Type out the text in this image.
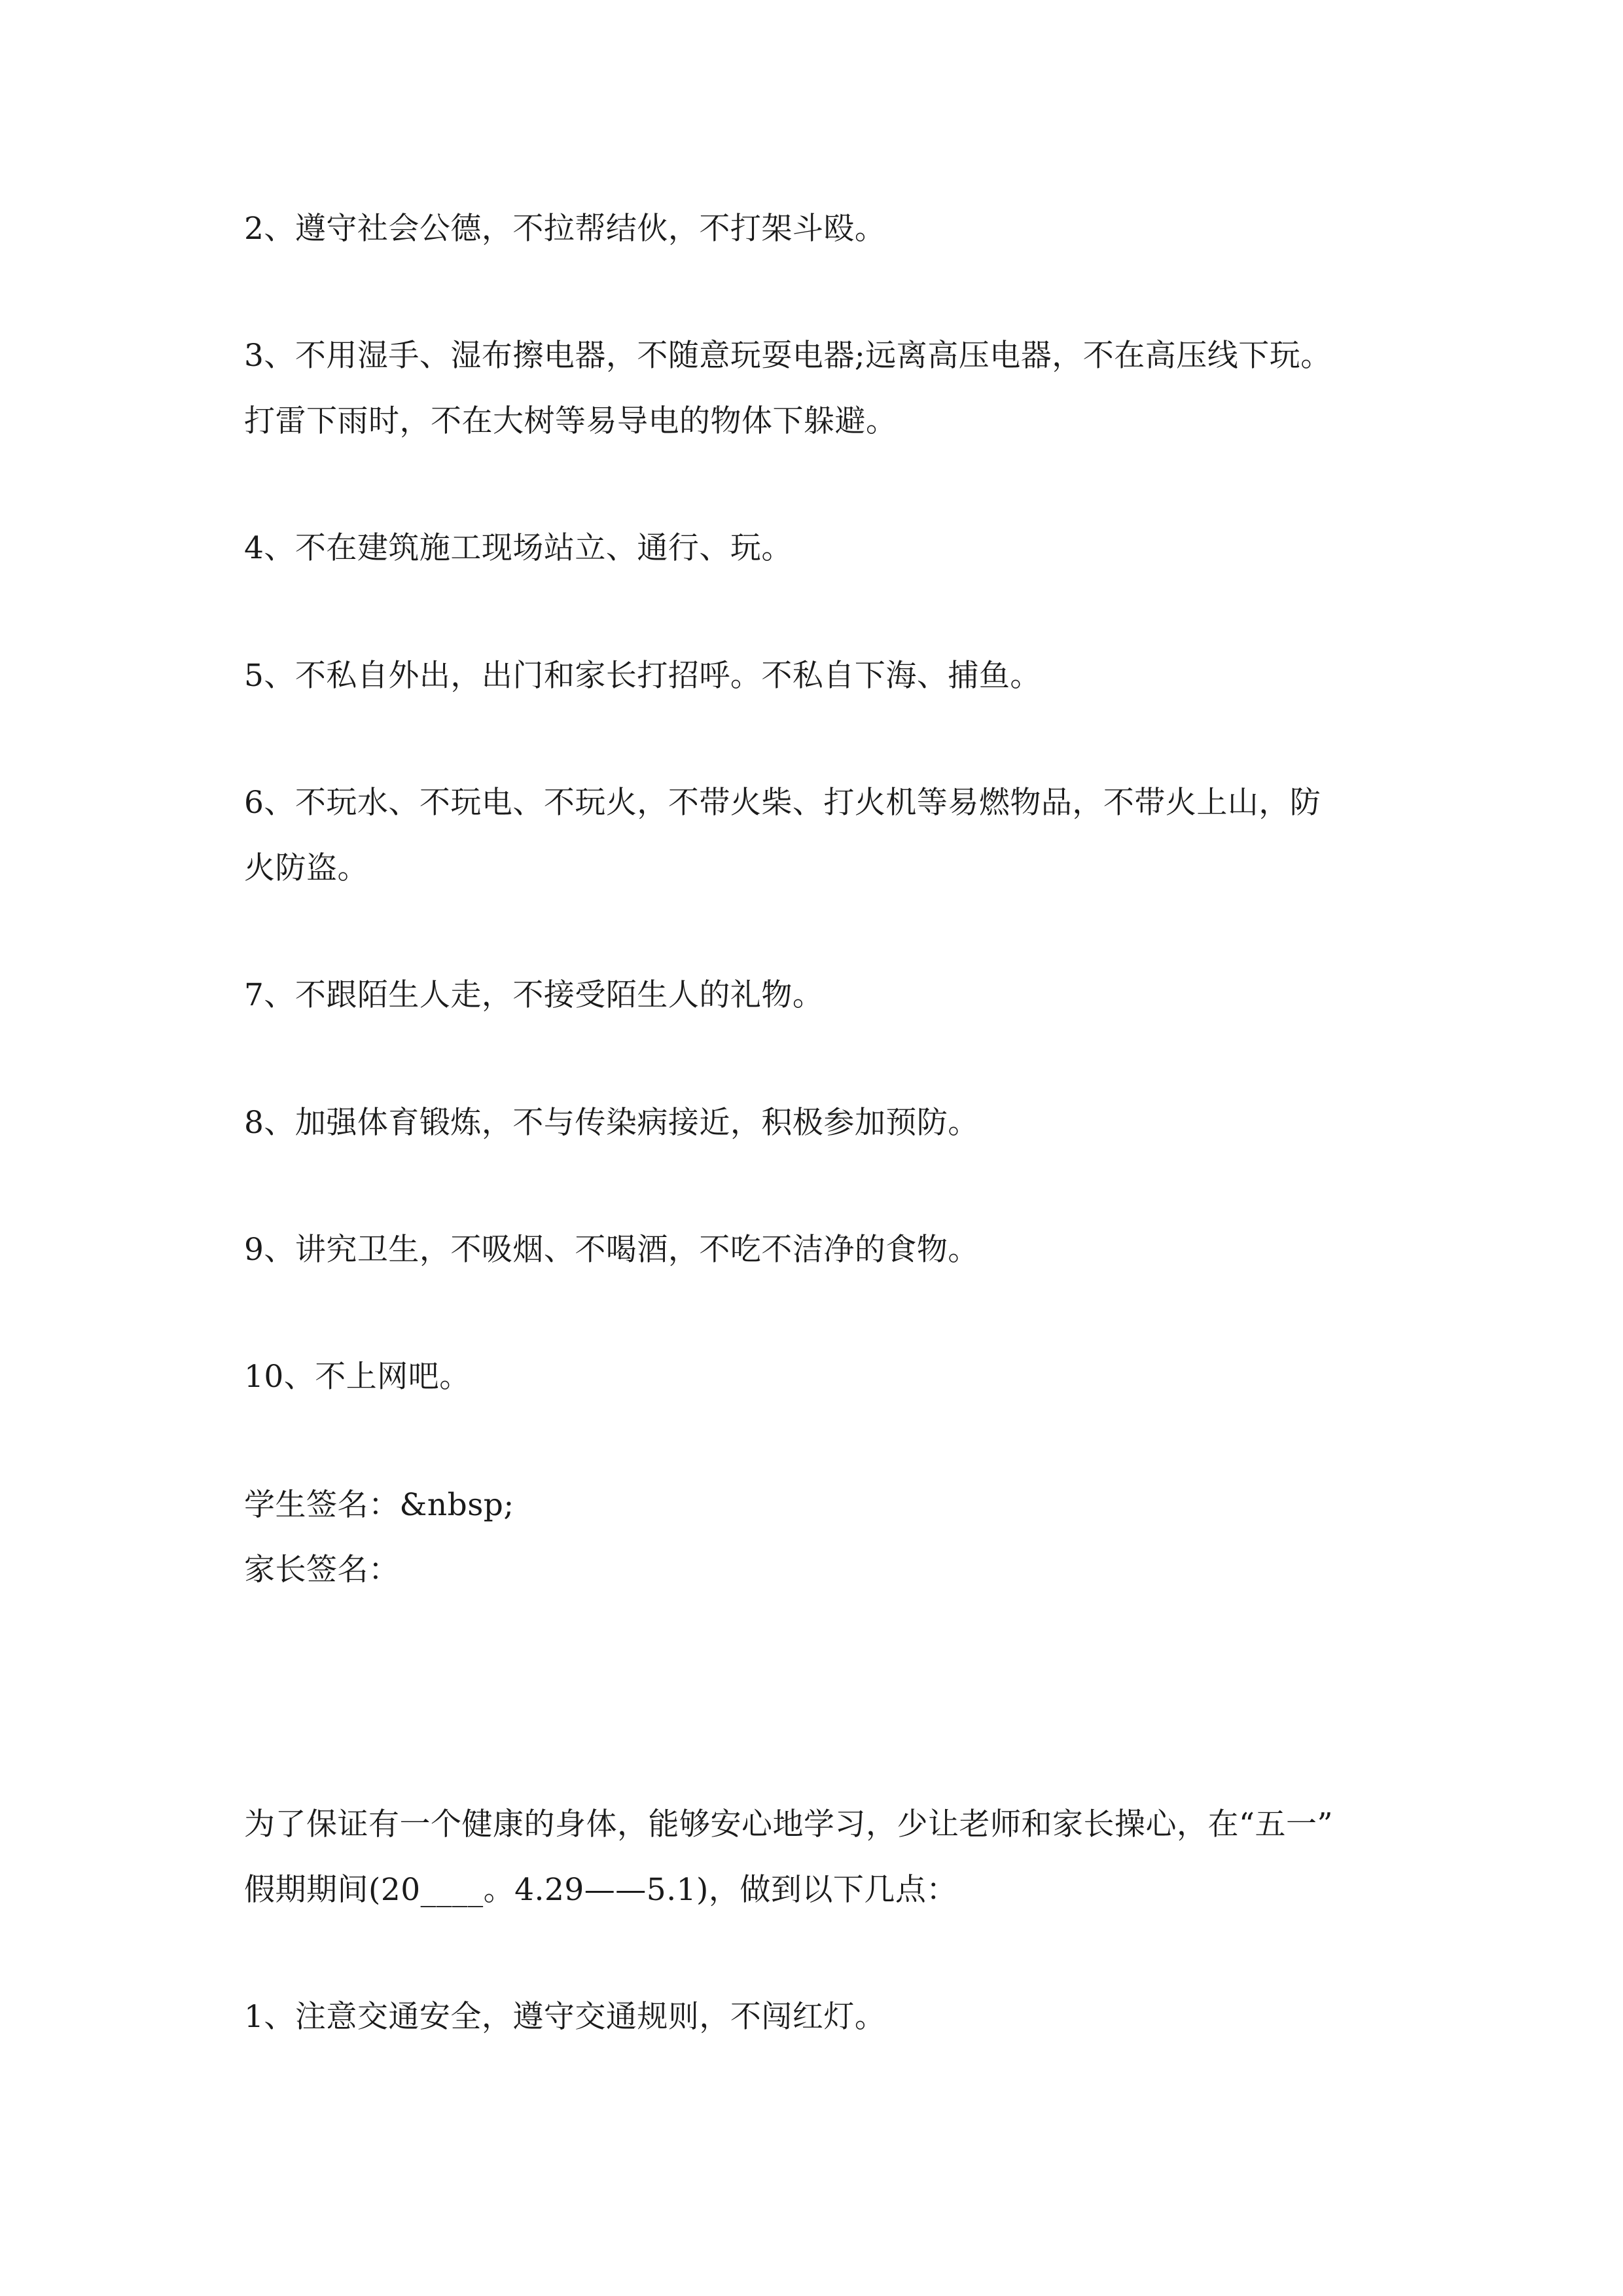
2、遵守社会公德，不拉帮结伙，不打架斗殴。
3、不用湿手、湿布擦电器，不随意玩耍电器;远离高压电器，不在高压线下玩。
打雷下雨时，不在大树等易导电的物体下躲避。
4、不在建筑施工现场站立、通行、玩。
5、不私自外出，出门和家长打招呼。不私自下海、捕鱼。
6、不玩水、不玩电、不玩火，不带火柴、打火机等易燃物品，不带火上山，防
火防盗。
7、不跟陌生人走，不接受陌生人的礼物。
8、加强体育锻炼，不与传染病接近，积极参加预防。
9、讲究卫生，不吸烟、不喝酒，不吃不洁净的食物。
10、不上网吧。
学生签名：&nbsp;
家长签名：
为了保证有一个健康的身体，能够安心地学习，少让老师和家长操心，在“五一”
假期期间(20____。4.29——5.1)，做到以下几点：
1、注意交通安全，遵守交通规则，不闯红灯。
